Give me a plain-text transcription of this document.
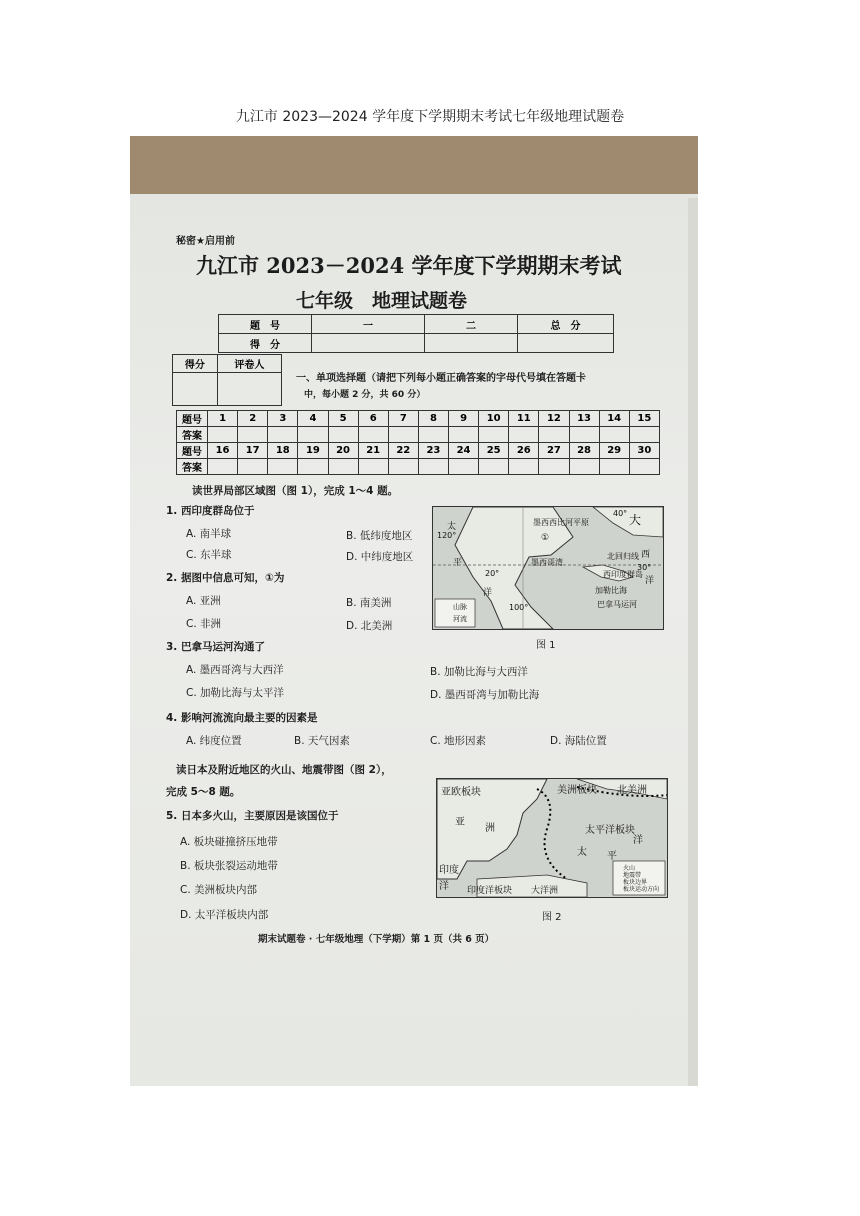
九江市 2023—2024 学年度下学期期末考试七年级地理试题卷
秘密★启用前
九江市 2023－2024 学年度下学期期末考试
七年级　地理试题卷
题　号	一	二	总　分
得　分			
得分	评卷人

一、单项选择题（请把下列每小题正确答案的字母代号填在答题卡
中，每小题 2 分，共 60 分）
题号	1	2	3	4	5	6	7	8	9	10	11	12	13	14	15
答案															
题号	16	17	18	19	20	21	22	23	24	25	26	27	28	29	30
答案															
读世界局部区域图（图 1），完成 1～4 题。
1. 西印度群岛位于
A. 南半球	B. 低纬度地区
C. 东半球	D. 中纬度地区
2. 据图中信息可知，①为
A. 亚洲	B. 南美洲
C. 非洲	D. 北美洲
3. 巴拿马运河沟通了
A. 墨西哥湾与大西洋	B. 加勒比海与大西洋
C. 加勒比海与太平洋	D. 墨西哥湾与加勒比海
4. 影响河流流向最主要的因素是
A. 纬度位置	B. 天气因素	C. 地形因素	D. 海陆位置
读日本及附近地区的火山、地震带图（图 2），
完成 5～8 题。
5. 日本多火山，主要原因是该国位于
A. 板块碰撞挤压地带
B. 板块张裂运动地带
C. 美洲板块内部
D. 太平洋板块内部
太
平
洋
大
西
洋
①
墨西西比河平原
墨西哥湾
加勒比海
北回归线
西印度群岛
巴拿马运河
120°
100°
40°
20°
30°
山脉
河流
图 1
亚欧板块	美洲板块 北美洲
亚
洲	太平洋板块
太 平
洋
印度
洋 印度洋板块 大洋洲
火山
地震带
板块边界
板块运动方向
图 2
期末试题卷 · 七年级地理（下学期）第 1 页（共 6 页）
